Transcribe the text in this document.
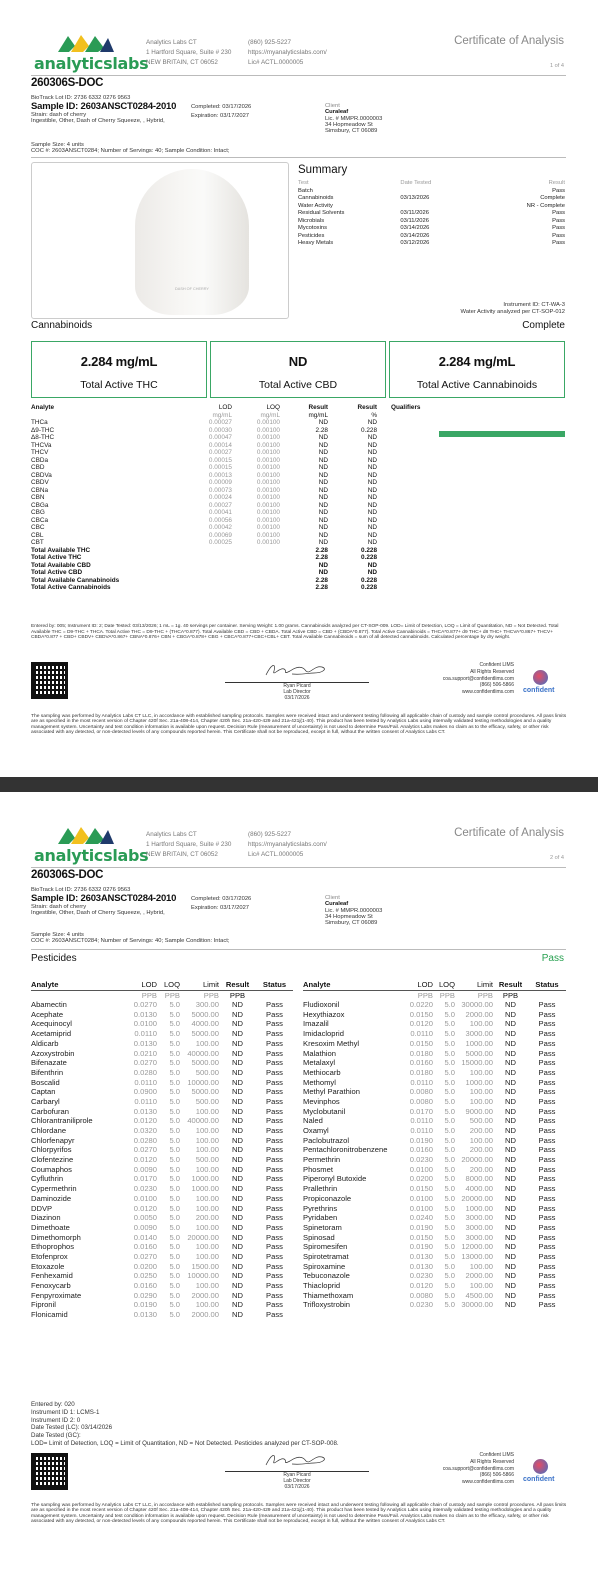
analyticslabs
Analytics Labs CT
1 Hartford Square, Suite # 230
NEW BRITAIN, CT 06052
(860) 925-5227
https://myanalyticslabs.com/
Lic# ACTL.0000005
Certificate of Analysis
1 of 4
260306S-DOC
BioTrack Lot ID: 2736 6332 0276 9563
Sample ID: 2603ANSCT0284-2010
Strain: dash of cherry
Ingestible, Other, Dash of Cherry Squeeze, , Hybrid,
Completed: 03/17/2026
Expiration: 03/17/2027
Client
Curaleaf
Lic. # MMPR.0000003
34 Hopmeadow St
Simsbury, CT 06089
Sample Size: 4 units
COC #: 2603ANSCT0284; Number of Servings: 40; Sample Condition: Intact;
DASH OF CHERRY
Summary
Test	Date Tested	Result
Batch		Pass
Cannabinoids	03/13/2026	Complete
Water Activity		NR - Complete
Residual Solvents	03/11/2026	Pass
Microbials	03/11/2026	Pass
Mycotoxins	03/14/2026	Pass
Pesticides	03/14/2026	Pass
Heavy Metals	03/12/2026	Pass
Instrument ID: CT-WA-3
Water Activity analyzed per CT-SOP-012
Cannabinoids	Complete
2.284 mg/mL
Total Active THC
ND
Total Active CBD
2.284 mg/mL
Total Active Cannabinoids
Analyte	LOD	LOQ	Result	Result		Qualifiers
	mg/mL	mg/mL	mg/mL	%		
THCa	0.00027	0.00100	ND	ND		
Δ9-THC	0.00030	0.00100	2.28	0.228		
Δ8-THC	0.00047	0.00100	ND	ND		
THCVa	0.00014	0.00100	ND	ND		
THCV	0.00027	0.00100	ND	ND		
CBDa	0.00015	0.00100	ND	ND		
CBD	0.00015	0.00100	ND	ND		
CBDVa	0.00013	0.00100	ND	ND		
CBDV	0.00009	0.00100	ND	ND		
CBNa	0.00073	0.00100	ND	ND		
CBN	0.00024	0.00100	ND	ND		
CBGa	0.00027	0.00100	ND	ND		
CBG	0.00041	0.00100	ND	ND		
CBCa	0.00056	0.00100	ND	ND		
CBC	0.00042	0.00100	ND	ND		
CBL	0.00069	0.00100	ND	ND		
CBT	0.00025	0.00100	ND	ND		
Total Available THC			2.28	0.228		
Total Active THC			2.28	0.228		
Total Available CBD			ND	ND		
Total Active CBD			ND	ND		
Total Available Cannabinoids			2.28	0.228		
Total Active Cannabinoids			2.28	0.228		
Entered by: 005; Instrument ID: 2; Date Tested: 03/13/2026; 1 mL = 1g. 40 servings per container. Serving Weight: 1.00 grams. Cannabinoids analyzed per CT-SOP-009. LOD= Limit of Detection, LOQ = Limit of Quantitation, ND = Not Detected. Total Available THC = D9-THC + THCA. Total Active THC = D9-THC + (THCA*0.877). Total Available CBD = CBD + CBDA. Total Active CBD = CBD + (CBDA*0.877). Total Active Cannabinoids = THCA*0.877+ d9 THC+ d8 THC+ THCVA*0.867+ THCV+ CBDA*0.877 + CBD+ CBDV+ CBDVA*0.867+ CBNA*0.876+ CBN + CBGA*0.878+ CBG + CBCA*0.877+CBC+CBL+ CBT. Total Available Cannabinoids = sum of all detected cannabinoids. Calculated percentage by dry weight.
Ryan Picard
Lab Director
03/17/2026
Confident LIMS
All Rights Reserved
coa.support@confidentlims.com
(866) 506-5866
www.confidentlims.com confident
The sampling was performed by Analytics Labs CT LLC, in accordance with established sampling protocols. Samples were received intact and underwent testing following all applicable chain of custody and sample control procedures. All pass limits are as specified in the most recent version of Chapter 420f Sec. 21a-408-414, Chapter 420h Sec. 21a-420-429 and 21a-421j(1-40). This product has been tested by Analytics Labs using internally validated testing methodologies and a quality management system. Uncertainty and test condition information is available upon request. Decision Rule (measurement of uncertainty) is not used to determine Pass/Fail. Analytics Labs makes no claim as to the efficacy, safety, or other risk associated with any detected, or non-detected levels of any compounds reported herein. This Certificate shall not be reproduced, except in full, without the written consent of Analytics Labs CT.
analyticslabs
Analytics Labs CT
1 Hartford Square, Suite # 230
NEW BRITAIN, CT 06052
(860) 925-5227
https://myanalyticslabs.com/
Lic# ACTL.0000005
Certificate of Analysis
2 of 4
260306S-DOC
BioTrack Lot ID: 2736 6332 0276 9563
Sample ID: 2603ANSCT0284-2010
Strain: dash of cherry
Ingestible, Other, Dash of Cherry Squeeze, , Hybrid,
Completed: 03/17/2026
Expiration: 03/17/2027
Client
Curaleaf
Lic. # MMPR.0000003
34 Hopmeadow St
Simsbury, CT 06089
Sample Size: 4 units
COC #: 2603ANSCT0284; Number of Servings: 40; Sample Condition: Intact;
Pesticides	Pass
Analyte	LOD	LOQ	Limit	Result	Status
	PPB	PPB	PPB	PPB	
Abamectin	0.0270	5.0	300.00	ND	Pass
Acephate	0.0130	5.0	5000.00	ND	Pass
Acequinocyl	0.0100	5.0	4000.00	ND	Pass
Acetamiprid	0.0110	5.0	5000.00	ND	Pass
Aldicarb	0.0130	5.0	100.00	ND	Pass
Azoxystrobin	0.0210	5.0	40000.00	ND	Pass
Bifenazate	0.0270	5.0	5000.00	ND	Pass
Bifenthrin	0.0280	5.0	500.00	ND	Pass
Boscalid	0.0110	5.0	10000.00	ND	Pass
Captan	0.0900	5.0	5000.00	ND	Pass
Carbaryl	0.0110	5.0	500.00	ND	Pass
Carbofuran	0.0130	5.0	100.00	ND	Pass
Chlorantraniliprole	0.0120	5.0	40000.00	ND	Pass
Chlordane	0.0320	5.0	100.00	ND	Pass
Chlorfenapyr	0.0280	5.0	100.00	ND	Pass
Chlorpyrifos	0.0270	5.0	100.00	ND	Pass
Clofentezine	0.0120	5.0	500.00	ND	Pass
Coumaphos	0.0090	5.0	100.00	ND	Pass
Cyfluthrin	0.0170	5.0	1000.00	ND	Pass
Cypermethrin	0.0230	5.0	1000.00	ND	Pass
Daminozide	0.0100	5.0	100.00	ND	Pass
DDVP	0.0120	5.0	100.00	ND	Pass
Diazinon	0.0050	5.0	200.00	ND	Pass
Dimethoate	0.0090	5.0	100.00	ND	Pass
Dimethomorph	0.0140	5.0	20000.00	ND	Pass
Ethoprophos	0.0160	5.0	100.00	ND	Pass
Etofenprox	0.0270	5.0	100.00	ND	Pass
Etoxazole	0.0200	5.0	1500.00	ND	Pass
Fenhexamid	0.0250	5.0	10000.00	ND	Pass
Fenoxycarb	0.0160	5.0	100.00	ND	Pass
Fenpyroximate	0.0290	5.0	2000.00	ND	Pass
Fipronil	0.0190	5.0	100.00	ND	Pass
Flonicamid	0.0130	5.0	2000.00	ND	Pass
Analyte	LOD	LOQ	Limit	Result	Status
	PPB	PPB	PPB	PPB	
Fludioxonil	0.0220	5.0	30000.00	ND	Pass
Hexythiazox	0.0150	5.0	2000.00	ND	Pass
Imazalil	0.0120	5.0	100.00	ND	Pass
Imidacloprid	0.0110	5.0	3000.00	ND	Pass
Kresoxim Methyl	0.0150	5.0	1000.00	ND	Pass
Malathion	0.0180	5.0	5000.00	ND	Pass
Metalaxyl	0.0160	5.0	15000.00	ND	Pass
Methiocarb	0.0180	5.0	100.00	ND	Pass
Methomyl	0.0110	5.0	1000.00	ND	Pass
Methyl Parathion	0.0080	5.0	100.00	ND	Pass
Mevinphos	0.0080	5.0	100.00	ND	Pass
Myclobutanil	0.0170	5.0	9000.00	ND	Pass
Naled	0.0110	5.0	500.00	ND	Pass
Oxamyl	0.0110	5.0	200.00	ND	Pass
Paclobutrazol	0.0190	5.0	100.00	ND	Pass
Pentachloronitrobenzene	0.0160	5.0	200.00	ND	Pass
Permethrin	0.0230	5.0	20000.00	ND	Pass
Phosmet	0.0100	5.0	200.00	ND	Pass
Piperonyl Butoxide	0.0200	5.0	8000.00	ND	Pass
Prallethrin	0.0150	5.0	4000.00	ND	Pass
Propiconazole	0.0100	5.0	20000.00	ND	Pass
Pyrethrins	0.0100	5.0	1000.00	ND	Pass
Pyridaben	0.0240	5.0	3000.00	ND	Pass
Spinetoram	0.0190	5.0	3000.00	ND	Pass
Spinosad	0.0150	5.0	3000.00	ND	Pass
Spiromesifen	0.0190	5.0	12000.00	ND	Pass
Spirotetramat	0.0130	5.0	13000.00	ND	Pass
Spiroxamine	0.0130	5.0	100.00	ND	Pass
Tebuconazole	0.0230	5.0	2000.00	ND	Pass
Thiacloprid	0.0120	5.0	100.00	ND	Pass
Thiamethoxam	0.0080	5.0	4500.00	ND	Pass
Trifloxystrobin	0.0230	5.0	30000.00	ND	Pass
Entered by: 020
Instrument ID 1: LCMS-1
Instrument ID 2: 0
Date Tested (LC): 03/14/2026
Date Tested (GC):
LOD= Limit of Detection, LOQ = Limit of Quantitation, ND = Not Detected. Pesticides analyzed per CT-SOP-008.
Ryan Picard
Lab Director
03/17/2026
Confident LIMS
All Rights Reserved
coa.support@confidentlims.com
(866) 506-5866
www.confidentlims.com confident
The sampling was performed by Analytics Labs CT LLC, in accordance with established sampling protocols. Samples were received intact and underwent testing following all applicable chain of custody and sample control procedures. All pass limits are as specified in the most recent version of Chapter 420f Sec. 21a-408-414, Chapter 420h Sec. 21a-420-429 and 21a-421j(1-40). This product has been tested by Analytics Labs using internally validated testing methodologies and a quality management system. Uncertainty and test condition information is available upon request. Decision Rule (measurement of uncertainty) is not used to determine Pass/Fail. Analytics Labs makes no claim as to the efficacy, safety, or other risk associated with any detected, or non-detected levels of any compounds reported herein. This Certificate shall not be reproduced, except in full, without the written consent of Analytics Labs CT.
